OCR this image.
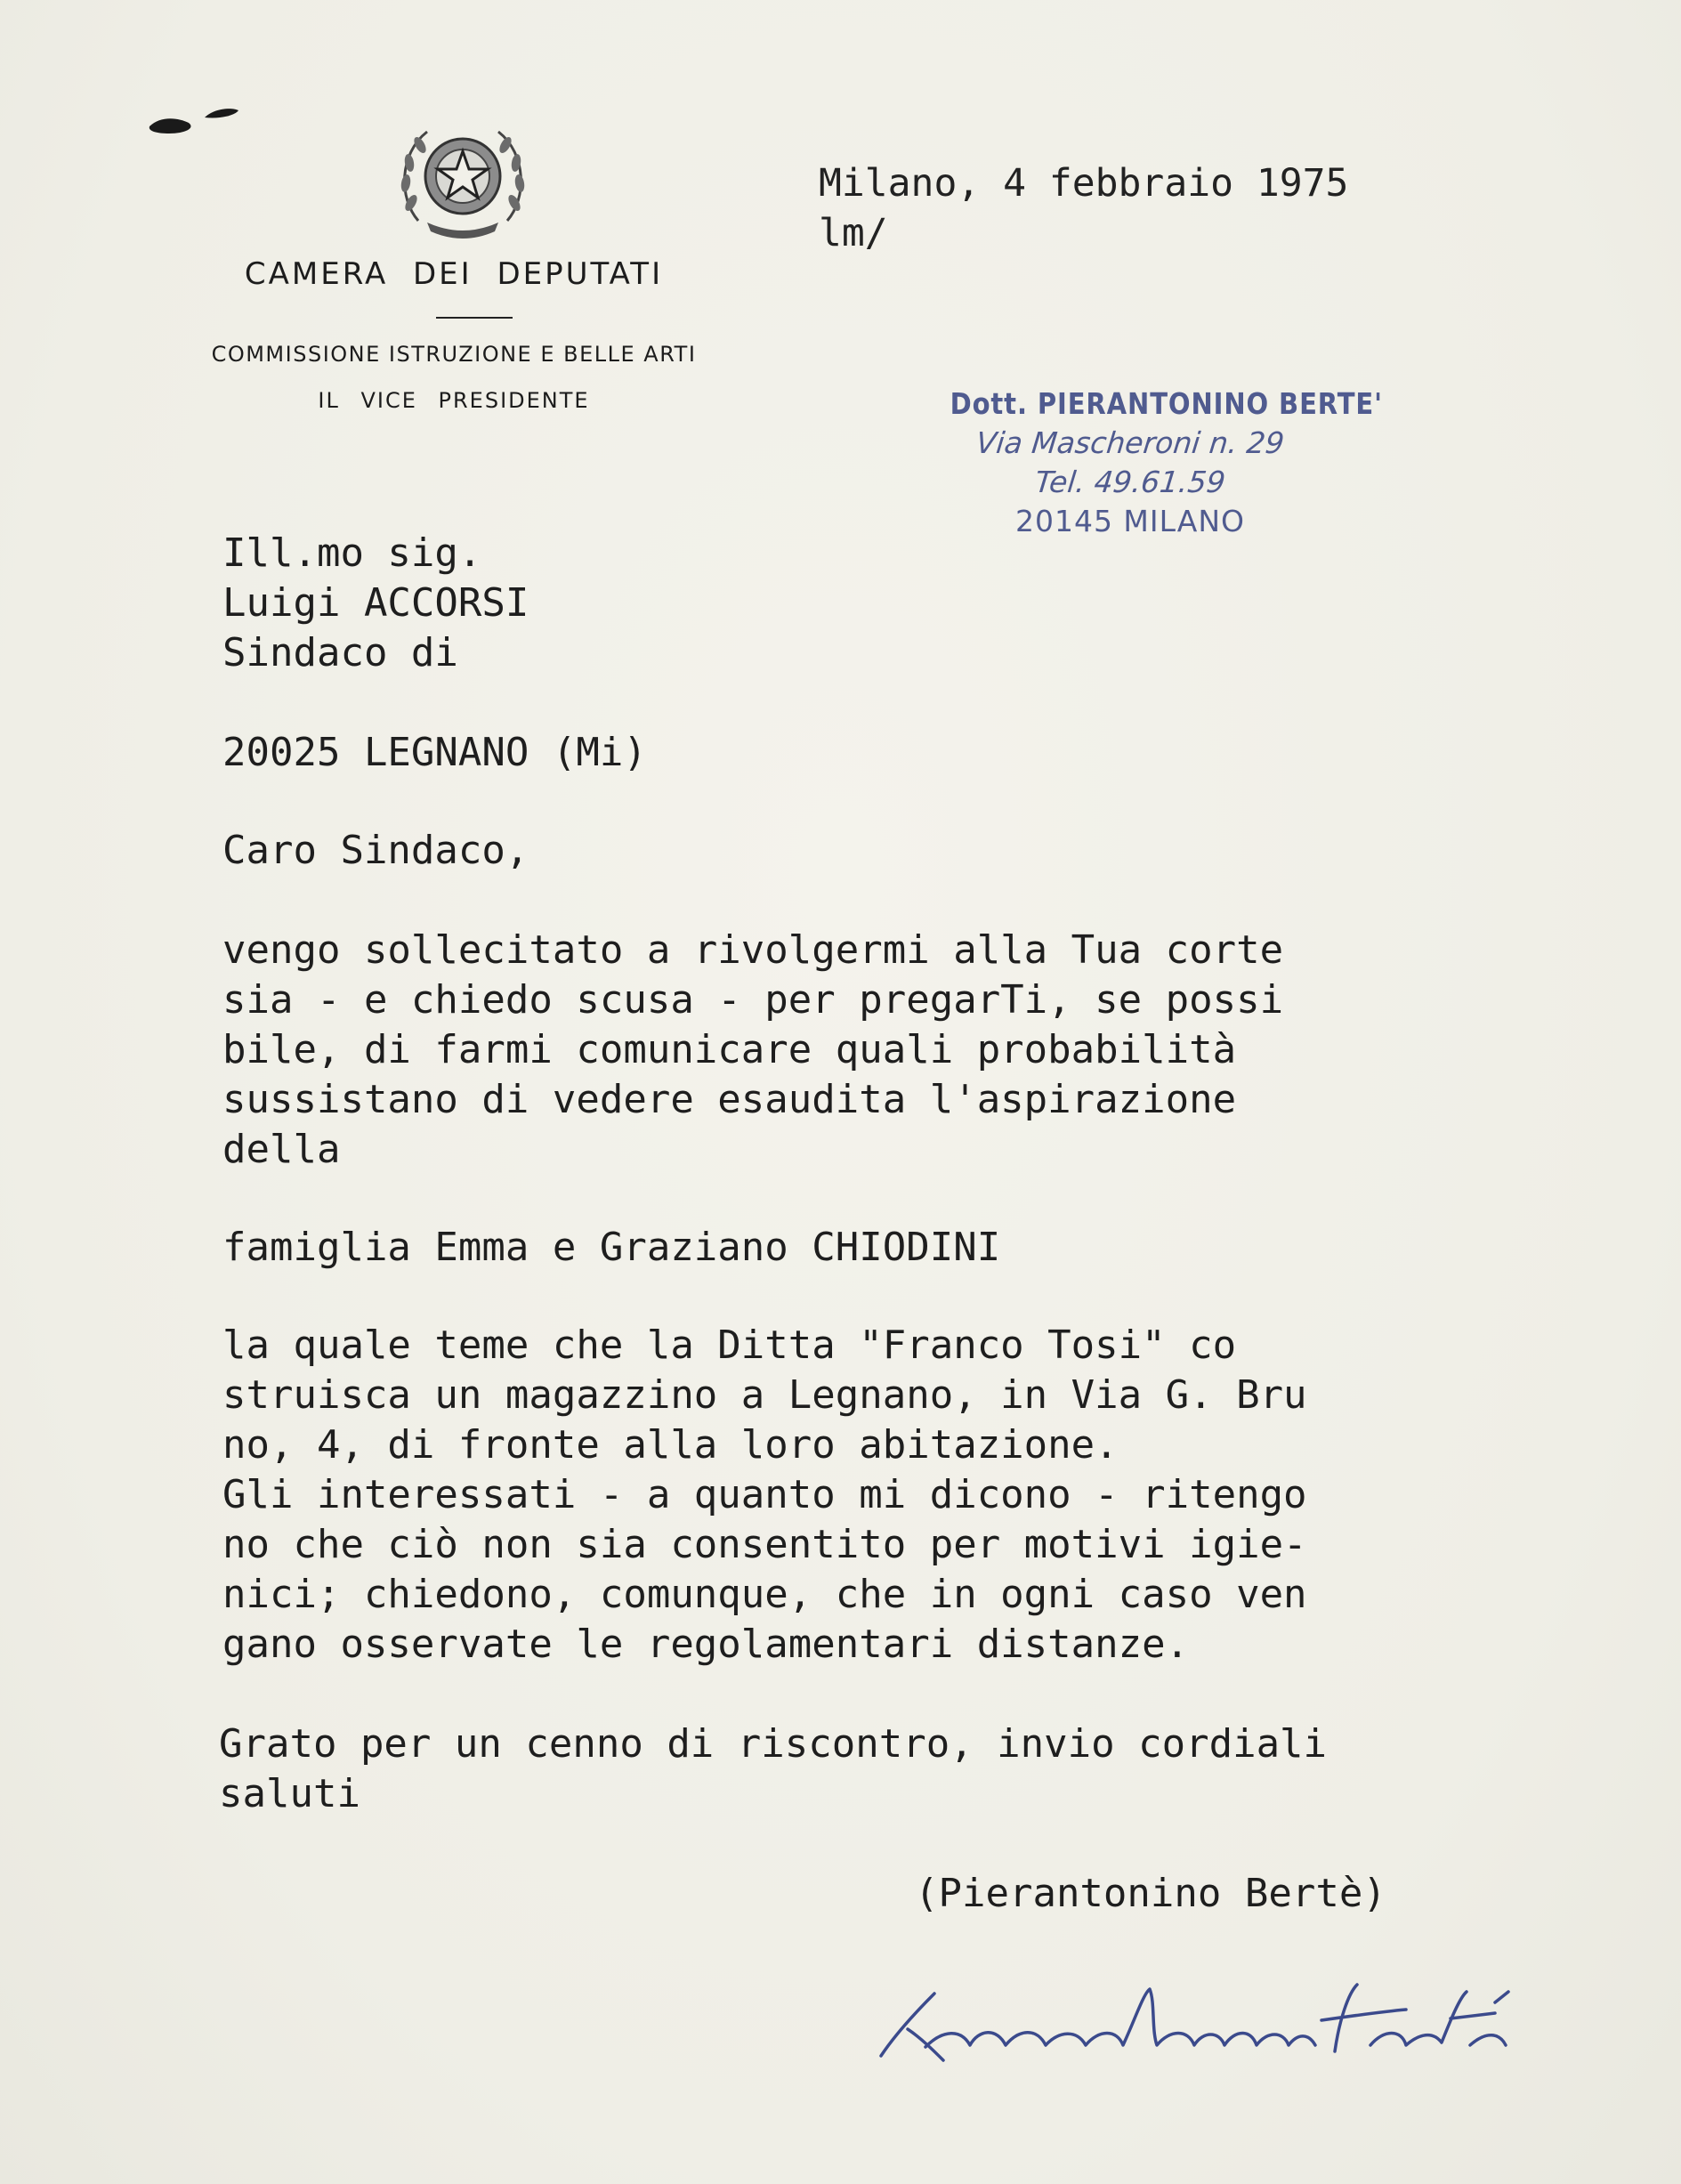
CAMERA DEI DEPUTATI
COMMISSIONE ISTRUZIONE E BELLE ARTI
IL VICE PRESIDENTE
Milano, 4 febbraio 1975
lm/
Dott. PIERANTONINO BERTE'
Via Mascheroni n. 29
Tel. 49.61.59
20145 MILANO
Ill.mo sig.
Luigi ACCORSI
Sindaco di
20025 LEGNANO (Mi)
Caro Sindaco,
vengo sollecitato a rivolgermi alla Tua corte
sia - e chiedo scusa - per pregarTi, se possi
bile, di farmi comunicare quali probabilità
sussistano di vedere esaudita l'aspirazione
della
famiglia Emma e Graziano CHIODINI
la quale teme che la Ditta "Franco Tosi" co
struisca un magazzino a Legnano, in Via G. Bru
no, 4, di fronte alla loro abitazione.
Gli interessati - a quanto mi dicono - ritengo
no che ciò non sia consentito per motivi igie-
nici; chiedono, comunque, che in ogni caso ven
gano osservate le regolamentari distanze.
Grato per un cenno di riscontro, invio cordiali
saluti
(Pierantonino Bertè)
